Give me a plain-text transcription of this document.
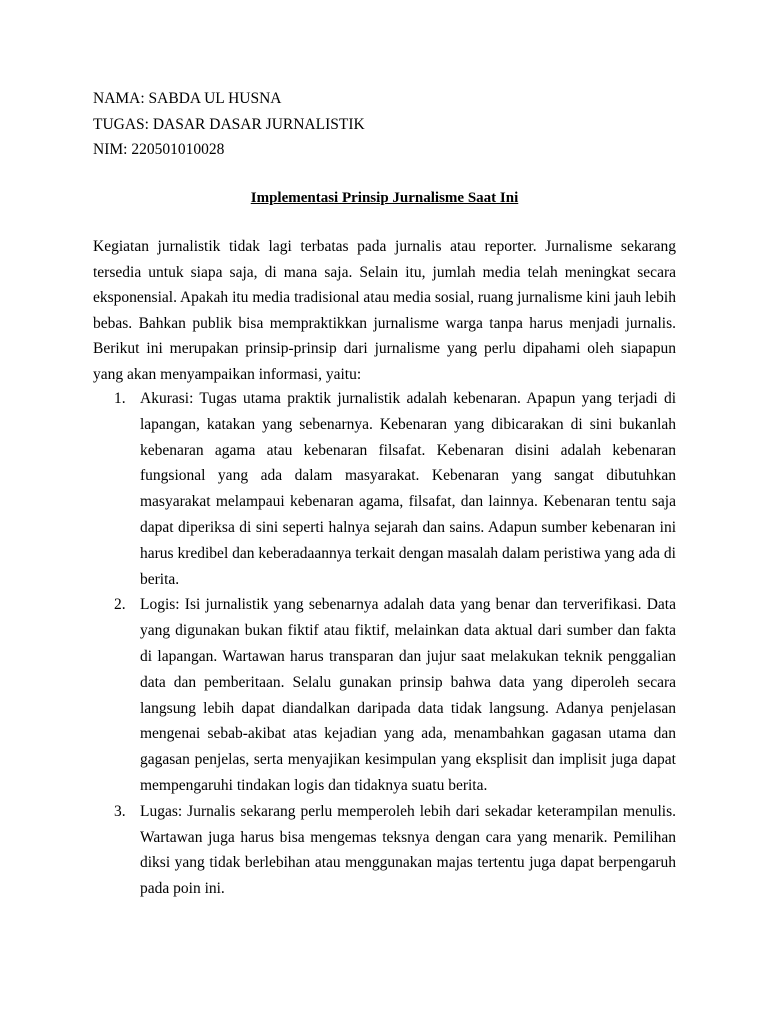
NAMA: SABDA UL HUSNA
TUGAS: DASAR DASAR JURNALISTIK
NIM: 220501010028
Implementasi Prinsip Jurnalisme Saat Ini

Kegiatan jurnalistik tidak lagi terbatas pada jurnalis atau reporter. Jurnalisme sekarang tersedia untuk siapa saja, di mana saja. Selain itu, jumlah media telah meningkat secara eksponensial. Apakah itu media tradisional atau media sosial, ruang jurnalisme kini jauh lebih bebas. Bahkan publik bisa mempraktikkan jurnalisme warga tanpa harus menjadi jurnalis. Berikut ini merupakan prinsip-prinsip dari jurnalisme yang perlu dipahami oleh siapapun yang akan menyampaikan informasi, yaitu:

1. Akurasi: Tugas utama praktik jurnalistik adalah kebenaran. Apapun yang terjadi di lapangan, katakan yang sebenarnya. Kebenaran yang dibicarakan di sini bukanlah kebenaran agama atau kebenaran filsafat. Kebenaran disini adalah kebenaran fungsional yang ada dalam masyarakat. Kebenaran yang sangat dibutuhkan masyarakat melampaui kebenaran agama, filsafat, dan lainnya. Kebenaran tentu saja dapat diperiksa di sini seperti halnya sejarah dan sains. Adapun sumber kebenaran ini harus kredibel dan keberadaannya terkait dengan masalah dalam peristiwa yang ada di berita.
2. Logis: Isi jurnalistik yang sebenarnya adalah data yang benar dan terverifikasi. Data yang digunakan bukan fiktif atau fiktif, melainkan data aktual dari sumber dan fakta di lapangan. Wartawan harus transparan dan jujur saat melakukan teknik penggalian data dan pemberitaan. Selalu gunakan prinsip bahwa data yang diperoleh secara langsung lebih dapat diandalkan daripada data tidak langsung. Adanya penjelasan mengenai sebab-akibat atas kejadian yang ada, menambahkan gagasan utama dan gagasan penjelas, serta menyajikan kesimpulan yang eksplisit dan implisit juga dapat mempengaruhi tindakan logis dan tidaknya suatu berita.
3. Lugas: Jurnalis sekarang perlu memperoleh lebih dari sekadar keterampilan menulis. Wartawan juga harus bisa mengemas teksnya dengan cara yang menarik. Pemilihan diksi yang tidak berlebihan atau menggunakan majas tertentu juga dapat berpengaruh pada poin ini.
